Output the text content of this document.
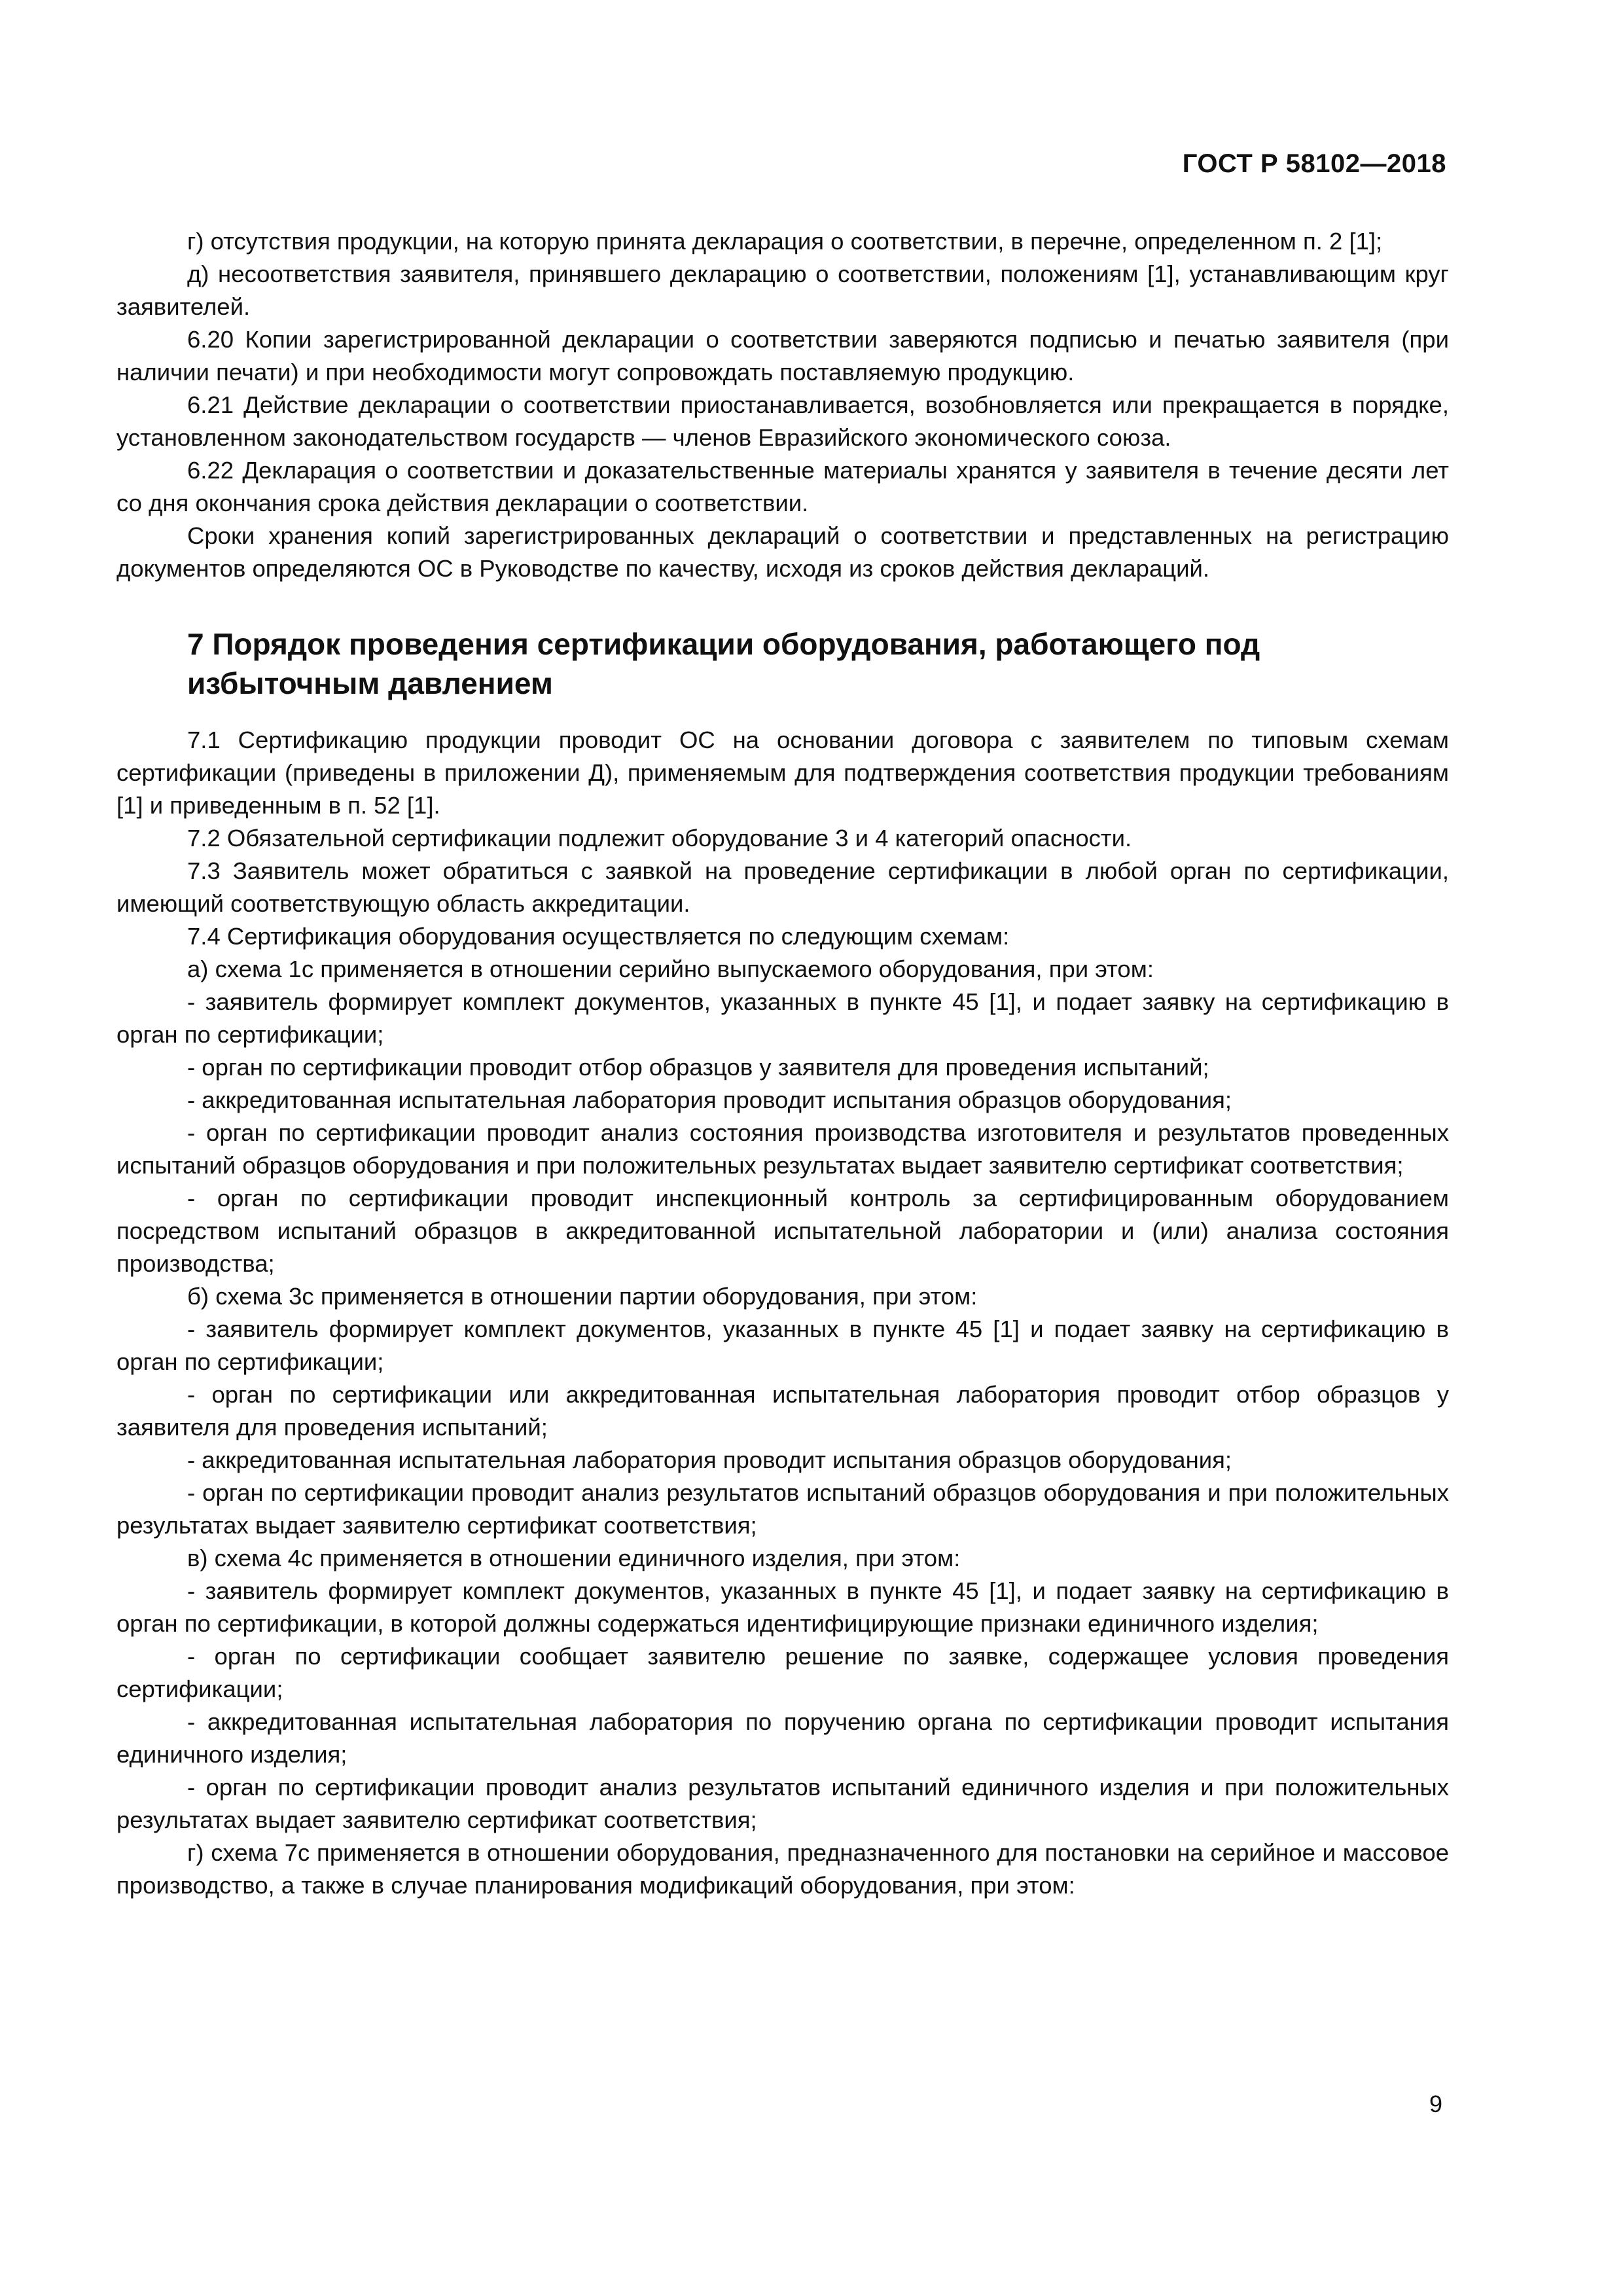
ГОСТ Р 58102—2018

г) отсутствия продукции, на которую принята декларация о соответствии, в перечне, определенном п. 2 [1];

д) несоответствия заявителя, принявшего декларацию о соответствии, положениям [1], устанавливающим круг заявителей.

6.20 Копии зарегистрированной декларации о соответствии заверяются подписью и печатью заявителя (при наличии печати) и при необходимости могут сопровождать поставляемую продукцию.

6.21 Действие декларации о соответствии приостанавливается, возобновляется или прекращается в порядке, установленном законодательством государств — членов Евразийского экономического союза.

6.22 Декларация о соответствии и доказательственные материалы хранятся у заявителя в течение десяти лет со дня окончания срока действия декларации о соответствии.

Сроки хранения копий зарегистрированных деклараций о соответствии и представленных на регистрацию документов определяются ОС в Руководстве по качеству, исходя из сроков действия деклараций.

7 Порядок проведения сертификации оборудования, работающего под избыточным давлением

7.1 Сертификацию продукции проводит ОС на основании договора с заявителем по типовым схемам сертификации (приведены в приложении Д), применяемым для подтверждения соответствия продукции требованиям [1] и приведенным в п. 52 [1].

7.2 Обязательной сертификации подлежит оборудование 3 и 4 категорий опасности.

7.3 Заявитель может обратиться с заявкой на проведение сертификации в любой орган по сертификации, имеющий соответствующую область аккредитации.

7.4 Сертификация оборудования осуществляется по следующим схемам:

а) схема 1с применяется в отношении серийно выпускаемого оборудования, при этом:

- заявитель формирует комплект документов, указанных в пункте 45 [1], и подает заявку на сертификацию в орган по сертификации;

- орган по сертификации проводит отбор образцов у заявителя для проведения испытаний;

- аккредитованная испытательная лаборатория проводит испытания образцов оборудования;

- орган по сертификации проводит анализ состояния производства изготовителя и результатов проведенных испытаний образцов оборудования и при положительных результатах выдает заявителю сертификат соответствия;

- орган по сертификации проводит инспекционный контроль за сертифицированным оборудованием посредством испытаний образцов в аккредитованной испытательной лаборатории и (или) анализа состояния производства;

б) схема 3с применяется в отношении партии оборудования, при этом:

- заявитель формирует комплект документов, указанных в пункте 45 [1] и подает заявку на сертификацию в орган по сертификации;

- орган по сертификации или аккредитованная испытательная лаборатория проводит отбор образцов у заявителя для проведения испытаний;

- аккредитованная испытательная лаборатория проводит испытания образцов оборудования;

- орган по сертификации проводит анализ результатов испытаний образцов оборудования и при положительных результатах выдает заявителю сертификат соответствия;

в) схема 4с применяется в отношении единичного изделия, при этом:

- заявитель формирует комплект документов, указанных в пункте 45 [1], и подает заявку на сертификацию в орган по сертификации, в которой должны содержаться идентифицирующие признаки единичного изделия;

- орган по сертификации сообщает заявителю решение по заявке, содержащее условия проведения сертификации;

- аккредитованная испытательная лаборатория по поручению органа по сертификации проводит испытания единичного изделия;

- орган по сертификации проводит анализ результатов испытаний единичного изделия и при положительных результатах выдает заявителю сертификат соответствия;

г) схема 7с применяется в отношении оборудования, предназначенного для постановки на серийное и массовое производство, а также в случае планирования модификаций оборудования, при этом:

9
